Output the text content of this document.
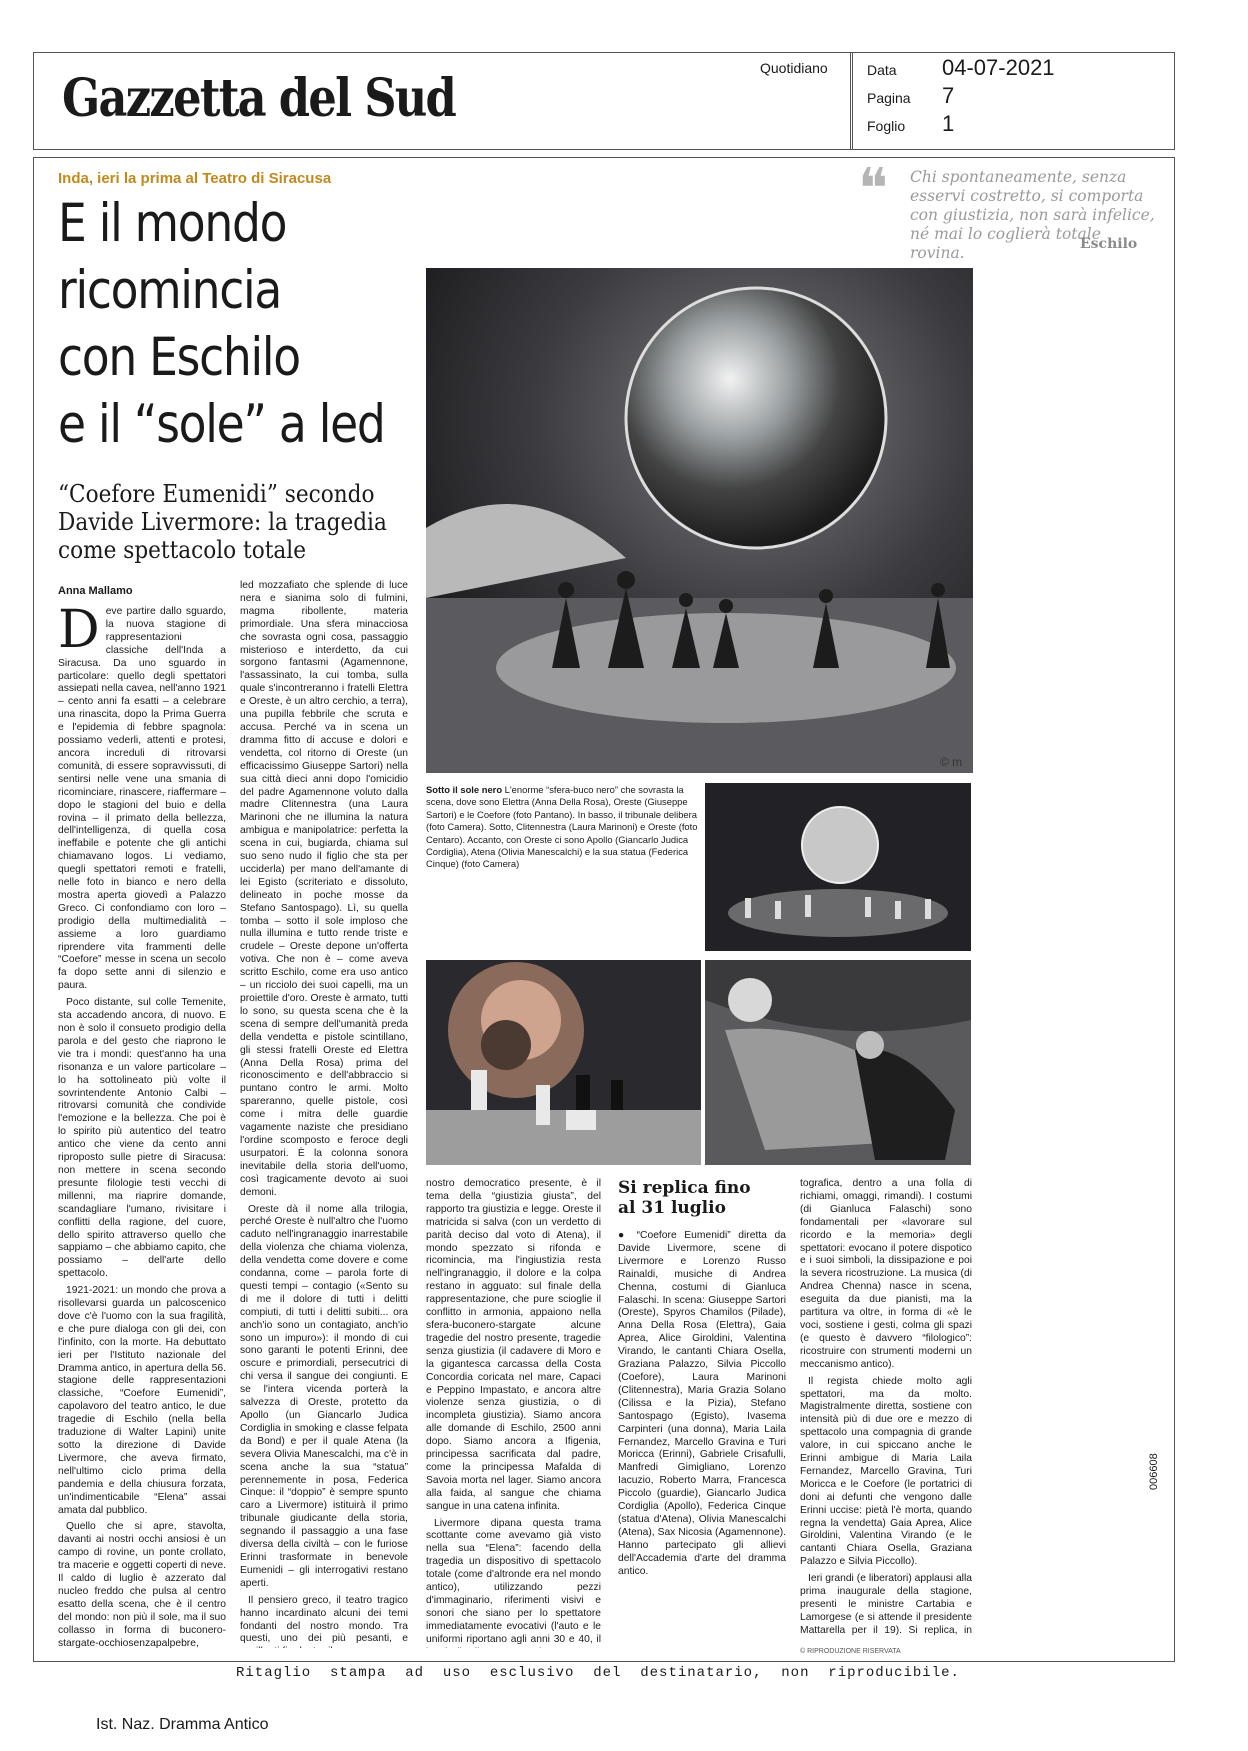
Gazzetta del Sud	Quotidiano	Data 04-07-2021
Pagina 7
Foglio 1
Inda, ieri la prima al Teatro di Siracusa
E il mondo
ricomincia
con Eschilo
e il “sole” a led
“Coefore Eumenidi” secondo Davide Livermore: la tragedia come spettacolo totale
Anna Mallamo
❝ Chi spontaneamente, senza esservi costretto, si comporta con giustizia, non sarà infelice, né mai lo coglierà totale rovina.	Eschilo
D eve partire dallo sguardo, la nuova stagione di rappresentazioni classiche dell'Inda a Siracusa. Da uno sguardo in particolare: quello degli spettatori assiepati nella cavea, nell'anno 1921 – cento anni fa esatti – a celebrare una rinascita, dopo la Prima Guerra e l'epidemia di febbre spagnola: possiamo vederli, attenti e protesi, ancora increduli di ritrovarsi comunità, di essere sopravvissuti, di sentirsi nelle vene una smania di ricominciare, rinascere, riaffermare – dopo le stagioni del buio e della rovina – il primato della bellezza, dell'intelligenza, di quella cosa ineffabile e potente che gli antichi chiamavano logos. Li vediamo, quegli spettatori remoti e fratelli, nelle foto in bianco e nero della mostra aperta giovedì a Palazzo Greco. Ci confondiamo con loro – prodigio della multimedialità – assieme a loro guardiamo riprendere vita frammenti delle “Coefore” messe in scena un secolo fa dopo sette anni di silenzio e paura.

Poco distante, sul colle Temenite, sta accadendo ancora, di nuovo. E non è solo il consueto prodigio della parola e del gesto che riaprono le vie tra i mondi: quest'anno ha una risonanza e un valore particolare – lo ha sottolineato più volte il sovrintendente Antonio Calbi – ritrovarsi comunità che condivide l'emozione e la bellezza. Che poi è lo spirito più autentico del teatro antico che viene da cento anni riproposto sulle pietre di Siracusa: non mettere in scena secondo presunte filologie testi vecchi di millenni, ma riaprire domande, scandagliare l'umano, rivisitare i conflitti della ragione, del cuore, dello spirito attraverso quello che sappiamo – che abbiamo capito, che possiamo – dell'arte dello spettacolo.

1921-2021: un mondo che prova a risollevarsi guarda un palcoscenico dove c'è l'uomo con la sua fragilità, e che pure dialoga con gli dei, con l'infinito, con la morte. Ha debuttato ieri per l'Istituto nazionale del Dramma antico, in apertura della 56. stagione delle rappresentazioni classiche, “Coefore Eumenidi”, capolavoro del teatro antico, le due tragedie di Eschilo (nella bella traduzione di Walter Lapini) unite sotto la direzione di Davide Livermore, che aveva firmato, nell'ultimo ciclo prima della pandemia e della chiusura forzata, un'indimenticabile “Elena” assai amata dal pubblico.

Quello che si apre, stavolta, davanti ai nostri occhi ansiosi è un campo di rovine, un ponte crollato, tra macerie e oggetti coperti di neve. Il caldo di luglio è azzerato dal nucleo freddo che pulsa al centro esatto della scena, che è il centro del mondo: non più il sole, ma il suo collasso in forma di buconero-stargate-occhiosenzapalpebre,

led mozzafiato che splende di luce nera e sianima solo di fulmini, magma ribollente, materia primordiale. Una sfera minacciosa che sovrasta ogni cosa, passaggio misterioso e interdetto, da cui sorgono fantasmi (Agamennone, l'assassinato, la cui tomba, sulla quale s'incontreranno i fratelli Elettra e Oreste, è un altro cerchio, a terra), una pupilla febbrile che scruta e accusa. Perché va in scena un dramma fitto di accuse e dolori e vendetta, col ritorno di Oreste (un efficacissimo Giuseppe Sartori) nella sua città dieci anni dopo l'omicidio del padre Agamennone voluto dalla madre Clitennestra (una Laura Marinoni che ne illumina la natura ambigua e manipolatrice: perfetta la scena in cui, bugiarda, chiama sul suo seno nudo il figlio che sta per ucciderla) per mano dell'amante di lei Egisto (scriteriato e dissoluto, delineato in poche mosse da Stefano Santospago). Lì, su quella tomba – sotto il sole imploso che nulla illumina e tutto rende triste e crudele – Oreste depone un'offerta votiva. Che non è – come aveva scritto Eschilo, come era uso antico – un ricciolo dei suoi capelli, ma un proiettile d'oro. Oreste è armato, tutti lo sono, su questa scena che è la scena di sempre dell'umanità preda della vendetta e pistole scintillano, gli stessi fratelli Oreste ed Elettra (Anna Della Rosa) prima del riconoscimento e dell'abbraccio si puntano contro le armi. Molto spareranno, quelle pistole, così come i mitra delle guardie vagamente naziste che presidiano l'ordine scomposto e feroce degli usurpatori. È la colonna sonora inevitabile della storia dell'uomo, così tragicamente devoto ai suoi demoni.

Oreste dà il nome alla trilogia, perché Oreste è null'altro che l'uomo caduto nell'ingranaggio inarrestabile della violenza che chiama violenza, della vendetta come dovere e come condanna, come – parola forte di questi tempi – contagio («Sento su di me il dolore di tutti i delitti compiuti, di tutti i delitti subiti... ora anch'io sono un contagiato, anch'io sono un impuro»): il mondo di cui sono garanti le potenti Erinni, dee oscure e primordiali, persecutrici di chi versa il sangue dei congiunti. E se l'intera vicenda porterà la salvezza di Oreste, protetto da Apollo (un Giancarlo Judica Cordiglia in smoking e classe felpata da Bond) e per il quale Atena (la severa Olivia Manescalchi, ma c'è in scena anche la sua “statua” perennemente in posa, Federica Cinque: il “doppio” è sempre spunto caro a Livermore) istituirà il primo tribunale giudicante della storia, segnando il passaggio a una fase diversa della civiltà – con le furiose Erinni trasformate in benevole Eumenidi – gli interrogativi restano aperti.

Il pensiero greco, il teatro tragico hanno incardinato alcuni dei temi fondanti del nostro mondo. Tra questi, uno dei più pesanti, e

© m
Sotto il sole nero L'enorme “sfera-buco nero” che sovrasta la scena, dove sono Elettra (Anna Della Rosa), Oreste (Giuseppe Sartori) e le Coefore (foto Pantano). In basso, il tribunale delibera (foto Camera). Sotto, Clitennestra (Laura Marinoni) e Oreste (foto Centaro). Accanto, con Oreste ci sono Apollo (Giancarlo Judica Cordiglia), Atena (Olivia Manescalchi) e la sua statua (Federica Cinque) (foto Camera)

nostro democratico presente, è il tema della “giustizia giusta”, del rapporto tra giustizia e legge. Oreste il matricida si salva (con un verdetto di parità deciso dal voto di Atena), il mondo spezzato si rifonda e ricomincia, ma l'ingiustizia resta nell'ingranaggio, il dolore e la colpa restano in agguato: sul finale della rappresentazione, che pure scioglie il conflitto in armonia, appaiono nella sfera-buconero-stargate alcune tragedie del nostro presente, tragedie senza giustizia (il cadavere di Moro e la gigantesca carcassa della Costa Concordia coricata nel mare, Capaci e Peppino Impastato, e ancora altre violenze senza giustizia, o di incompleta giustizia). Siamo ancora alle domande di Eschilo, 2500 anni dopo. Siamo ancora a Ifigenia, principessa sacrificata dal padre, come la principessa Mafalda di Savoia morta nel lager. Siamo ancora alla faida, al sangue che chiama sangue in una catena infinita.

Livermore dipana questa trama scottante come avevamo già visto nella sua “Elena”: facendo della tragedia un dispositivo di spettacolo totale (come d'altronde era nel mondo antico), utilizzando pezzi d'immaginario, riferimenti visivi e sonori che siano per lo spettatore immediatamente evocativi (l'auto e le uniformi riportano agli anni 30 e 40, il

Si replica fino al 31 luglio

● “Coefore Eumenidi” diretta da Davide Livermore, scene di Livermore e Lorenzo Russo Rainaldi, musiche di Andrea Chenna, costumi di Gianluca Falaschi. In scena: Giuseppe Sartori (Oreste), Spyros Chamilos (Pilade), Anna Della Rosa (Elettra), Gaia Aprea, Alice Giroldini, Valentina Virando, le cantanti Chiara Osella, Graziana Palazzo, Silvia Piccollo (Coefore), Laura Marinoni (Clitennestra), Maria Grazia Solano (Cilissa e la Pizia), Stefano Santospago (Egisto), Ivasema Carpinteri (una donna), Maria Laila Fernandez, Marcello Gravina e Turi Moricca (Erinni), Gabriele Crisafulli, Manfredi Gimigliano, Lorenzo Iacuzio, Roberto Marra, Francesca Piccolo (guardie), Giancarlo Judica Cordiglia (Apollo), Federica Cinque (statua d'Atena), Olivia Manescalchi (Atena), Sax Nicosia (Agamennone). Hanno partecipato gli allievi dell'Accademia d'arte del dramma antico.

tografica, dentro a una folla di richiami, omaggi, rimandi). I costumi (di Gianluca Falaschi) sono fondamentali per «lavorare sul ricordo e la memoria» degli spettatori: evocano il potere dispotico e i suoi simboli, la dissipazione e poi la severa ricostruzione. La musica (di Andrea Chenna) nasce in scena, eseguita da due pianisti, ma la partitura va oltre, in forma di «è le voci, sostiene i gesti, colma gli spazi (e questo è davvero “filologico”: ricostruire con strumenti moderni un meccanismo antico).

Il regista chiede molto agli spettatori, ma da molto. Magistralmente diretta, sostiene con intensità più di due ore e mezzo di spettacolo una compagnia di grande valore, in cui spiccano anche le Erinni ambigue di Maria Laila Fernandez, Marcello Gravina, Turi Moricca e le Coefore (le portatrici di doni ai defunti che vengono dalle Erinni uccise: pietà l'è morta, quando regna la vendetta) Gaia Aprea, Alice Giroldini, Valentina Virando (e le cantanti Chiara Osella, Graziana Palazzo e Silvia Piccollo).

Ieri grandi (e liberatori) applausi alla prima inaugurale della stagione, presenti le ministre Cartabia e Lamorgese (e si attende il presidente Mattarella per il 19). Si replica, in

© RIPRODUZIONE RISERVATA
Ritaglio  stampa  ad  uso  esclusivo  del  destinatario,  non  riproducibile.
006608
Ist. Naz. Dramma Antico
